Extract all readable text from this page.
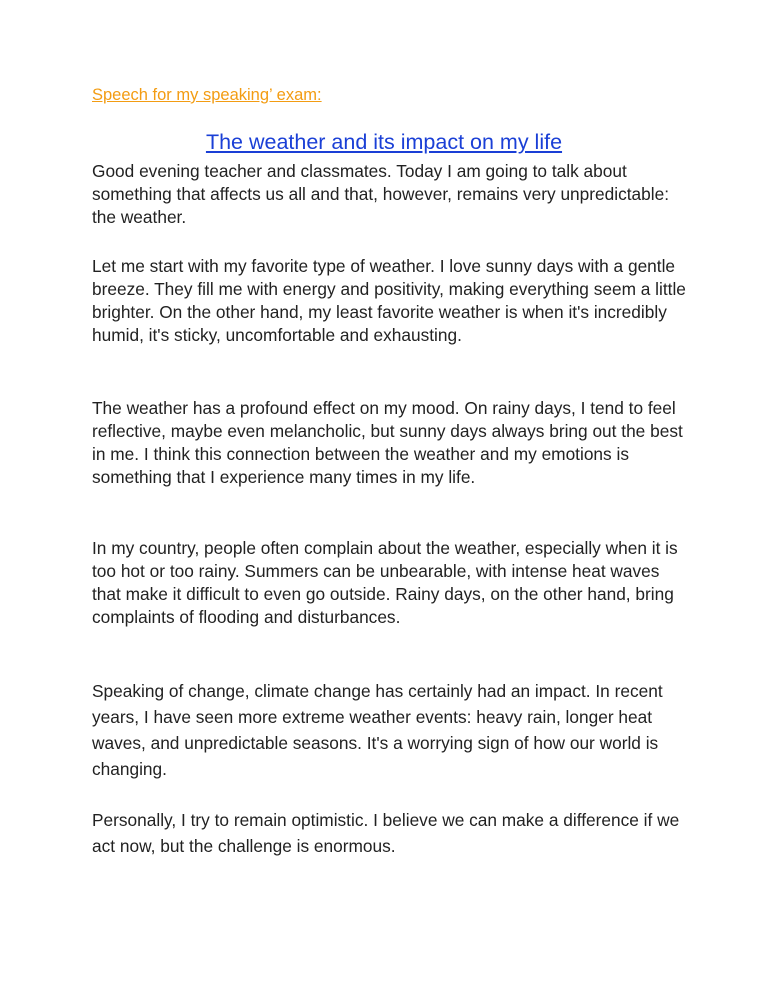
Speech for my speaking’ exam:
The weather and its impact on my life
Good evening teacher and classmates. Today I am going to talk about something that affects us all and that, however, remains very unpredictable: the weather.
Let me start with my favorite type of weather. I love sunny days with a gentle breeze. They fill me with energy and positivity, making everything seem a little brighter. On the other hand, my least favorite weather is when it's incredibly humid, it's sticky, uncomfortable and exhausting.
The weather has a profound effect on my mood. On rainy days, I tend to feel reflective, maybe even melancholic, but sunny days always bring out the best in me. I think this connection between the weather and my emotions is something that I experience many times in my life.
In my country, people often complain about the weather, especially when it is too hot or too rainy. Summers can be unbearable, with intense heat waves that make it difficult to even go outside. Rainy days, on the other hand, bring complaints of flooding and disturbances.
Speaking of change, climate change has certainly had an impact. In recent years, I have seen more extreme weather events: heavy rain, longer heat waves, and unpredictable seasons. It's a worrying sign of how our world is changing.
Personally, I try to remain optimistic. I believe we can make a difference if we act now, but the challenge is enormous.
